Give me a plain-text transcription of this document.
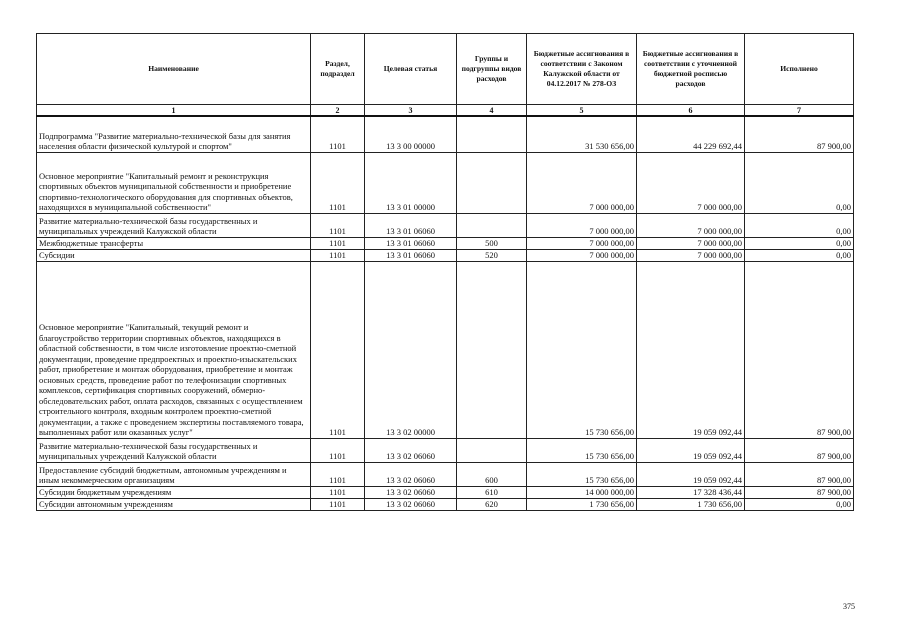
Наименование	Раздел, подраздел	Целевая статья	Группы и подгруппы видов расходов	Бюджетные ассигнования в соответствии с Законом Калужской области от 04.12.2017 № 278-ОЗ	Бюджетные ассигнования в соответствии с уточненной бюджетной росписью расходов	Исполнено
1	2	3	4	5	6	7

Подпрограмма "Развитие материально-технической базы для занятия населения области физической культурой и спортом"	1101	13 3 00 00000		31 530 656,00	44 229 692,44	87 900,00
Основное мероприятие "Капитальный ремонт и реконструкция спортивных объектов муниципальной собственности и приобретение спортивно-технологического оборудования для спортивных объектов, находящихся в муниципальной собственности"	1101	13 3 01 00000		7 000 000,00	7 000 000,00	0,00
Развитие материально-технической базы государственных и муниципальных учреждений Калужской области	1101	13 3 01 06060		7 000 000,00	7 000 000,00	0,00
Межбюджетные трансферты	1101	13 3 01 06060	500	7 000 000,00	7 000 000,00	0,00
Субсидии	1101	13 3 01 06060	520	7 000 000,00	7 000 000,00	0,00
Основное мероприятие "Капитальный, текущий ремонт и благоустройство территории спортивных объектов, находящихся в областной собственности, в том числе изготовление проектно-сметной документации, проведение предпроектных и проектно-изыскательских работ, приобретение и монтаж оборудования, приобретение и монтаж основных средств, проведение работ по телефонизации спортивных комплексов, сертификация спортивных сооружений, обмерно-обследовательских работ, оплата расходов, связанных с осуществлением строительного контроля, входным контролем проектно-сметной документации, а также с проведением экспертизы поставляемого товара, выполненных работ или оказанных услуг"	1101	13 3 02 00000		15 730 656,00	19 059 092,44	87 900,00
Развитие материально-технической базы государственных и муниципальных учреждений Калужской области	1101	13 3 02 06060		15 730 656,00	19 059 092,44	87 900,00
Предоставление субсидий бюджетным, автономным учреждениям и иным некоммерческим организациям	1101	13 3 02 06060	600	15 730 656,00	19 059 092,44	87 900,00
Субсидии бюджетным учреждениям	1101	13 3 02 06060	610	14 000 000,00	17 328 436,44	87 900,00
Субсидии автономным учреждениям	1101	13 3 02 06060	620	1 730 656,00	1 730 656,00	0,00
375
